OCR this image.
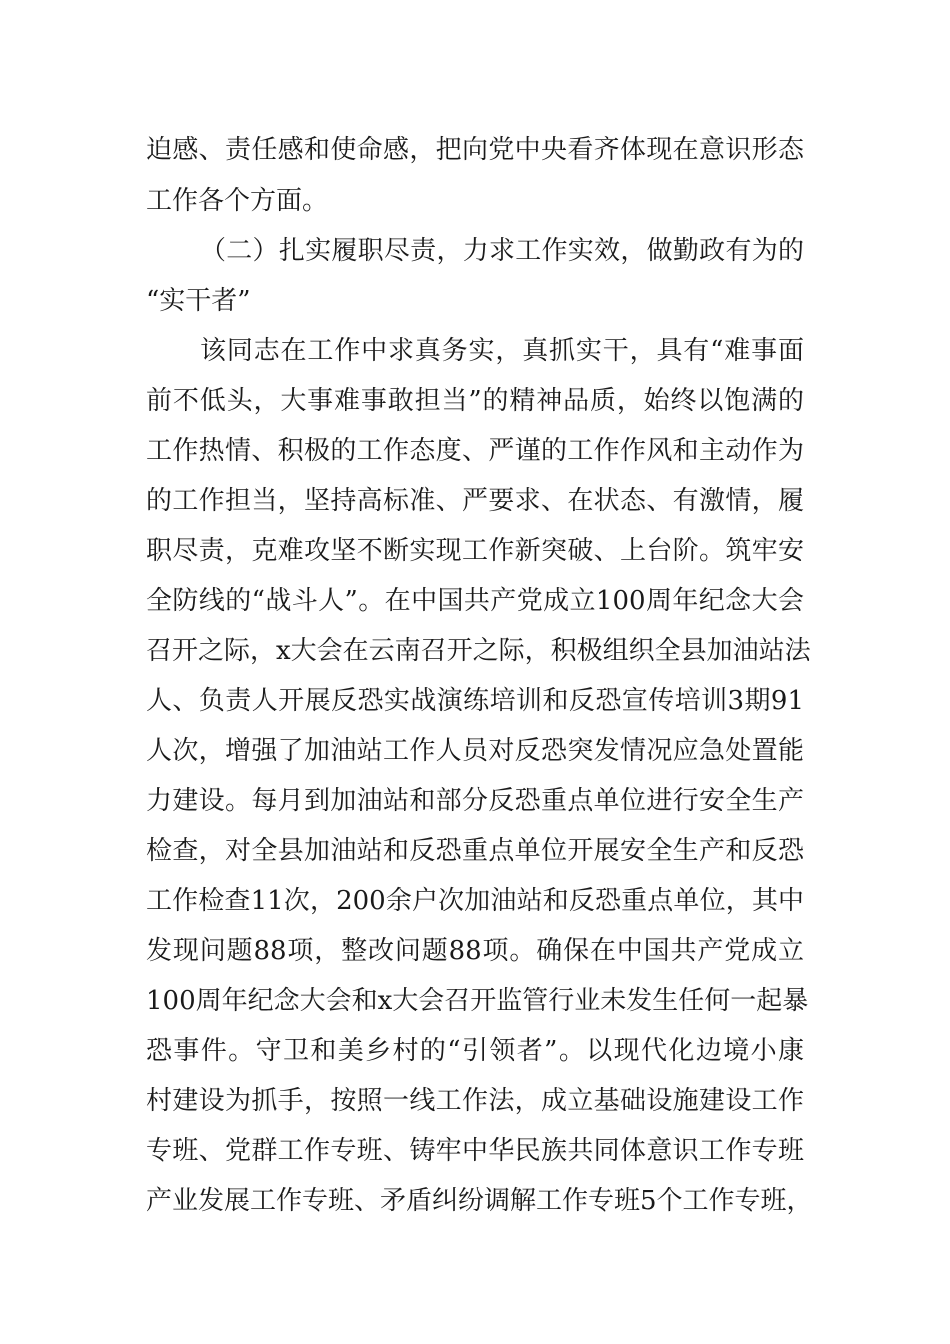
迫感、责任感和使命感，把向党中央看齐体现在意识形态
工作各个方面。
（二）扎实履职尽责，力求工作实效，做勤政有为的
“实干者”
该同志在工作中求真务实，真抓实干，具有“难事面
前不低头，大事难事敢担当”的精神品质，始终以饱满的
工作热情、积极的工作态度、严谨的工作作风和主动作为
的工作担当，坚持高标准、严要求、在状态、有激情，履
职尽责，克难攻坚不断实现工作新突破、上台阶。筑牢安
全防线的“战斗人”。在中国共产党成立100周年纪念大会
召开之际，x大会在云南召开之际，积极组织全县加油站法
人、负责人开展反恐实战演练培训和反恐宣传培训3期91
人次，增强了加油站工作人员对反恐突发情况应急处置能
力建设。每月到加油站和部分反恐重点单位进行安全生产
检查，对全县加油站和反恐重点单位开展安全生产和反恐
工作检查11次，200余户次加油站和反恐重点单位，其中
发现问题88项，整改问题88项。确保在中国共产党成立
100周年纪念大会和x大会召开监管行业未发生任何一起暴
恐事件。守卫和美乡村的“引领者”。以现代化边境小康
村建设为抓手，按照一线工作法，成立基础设施建设工作
专班、党群工作专班、铸牢中华民族共同体意识工作专班
产业发展工作专班、矛盾纠纷调解工作专班5个工作专班，
